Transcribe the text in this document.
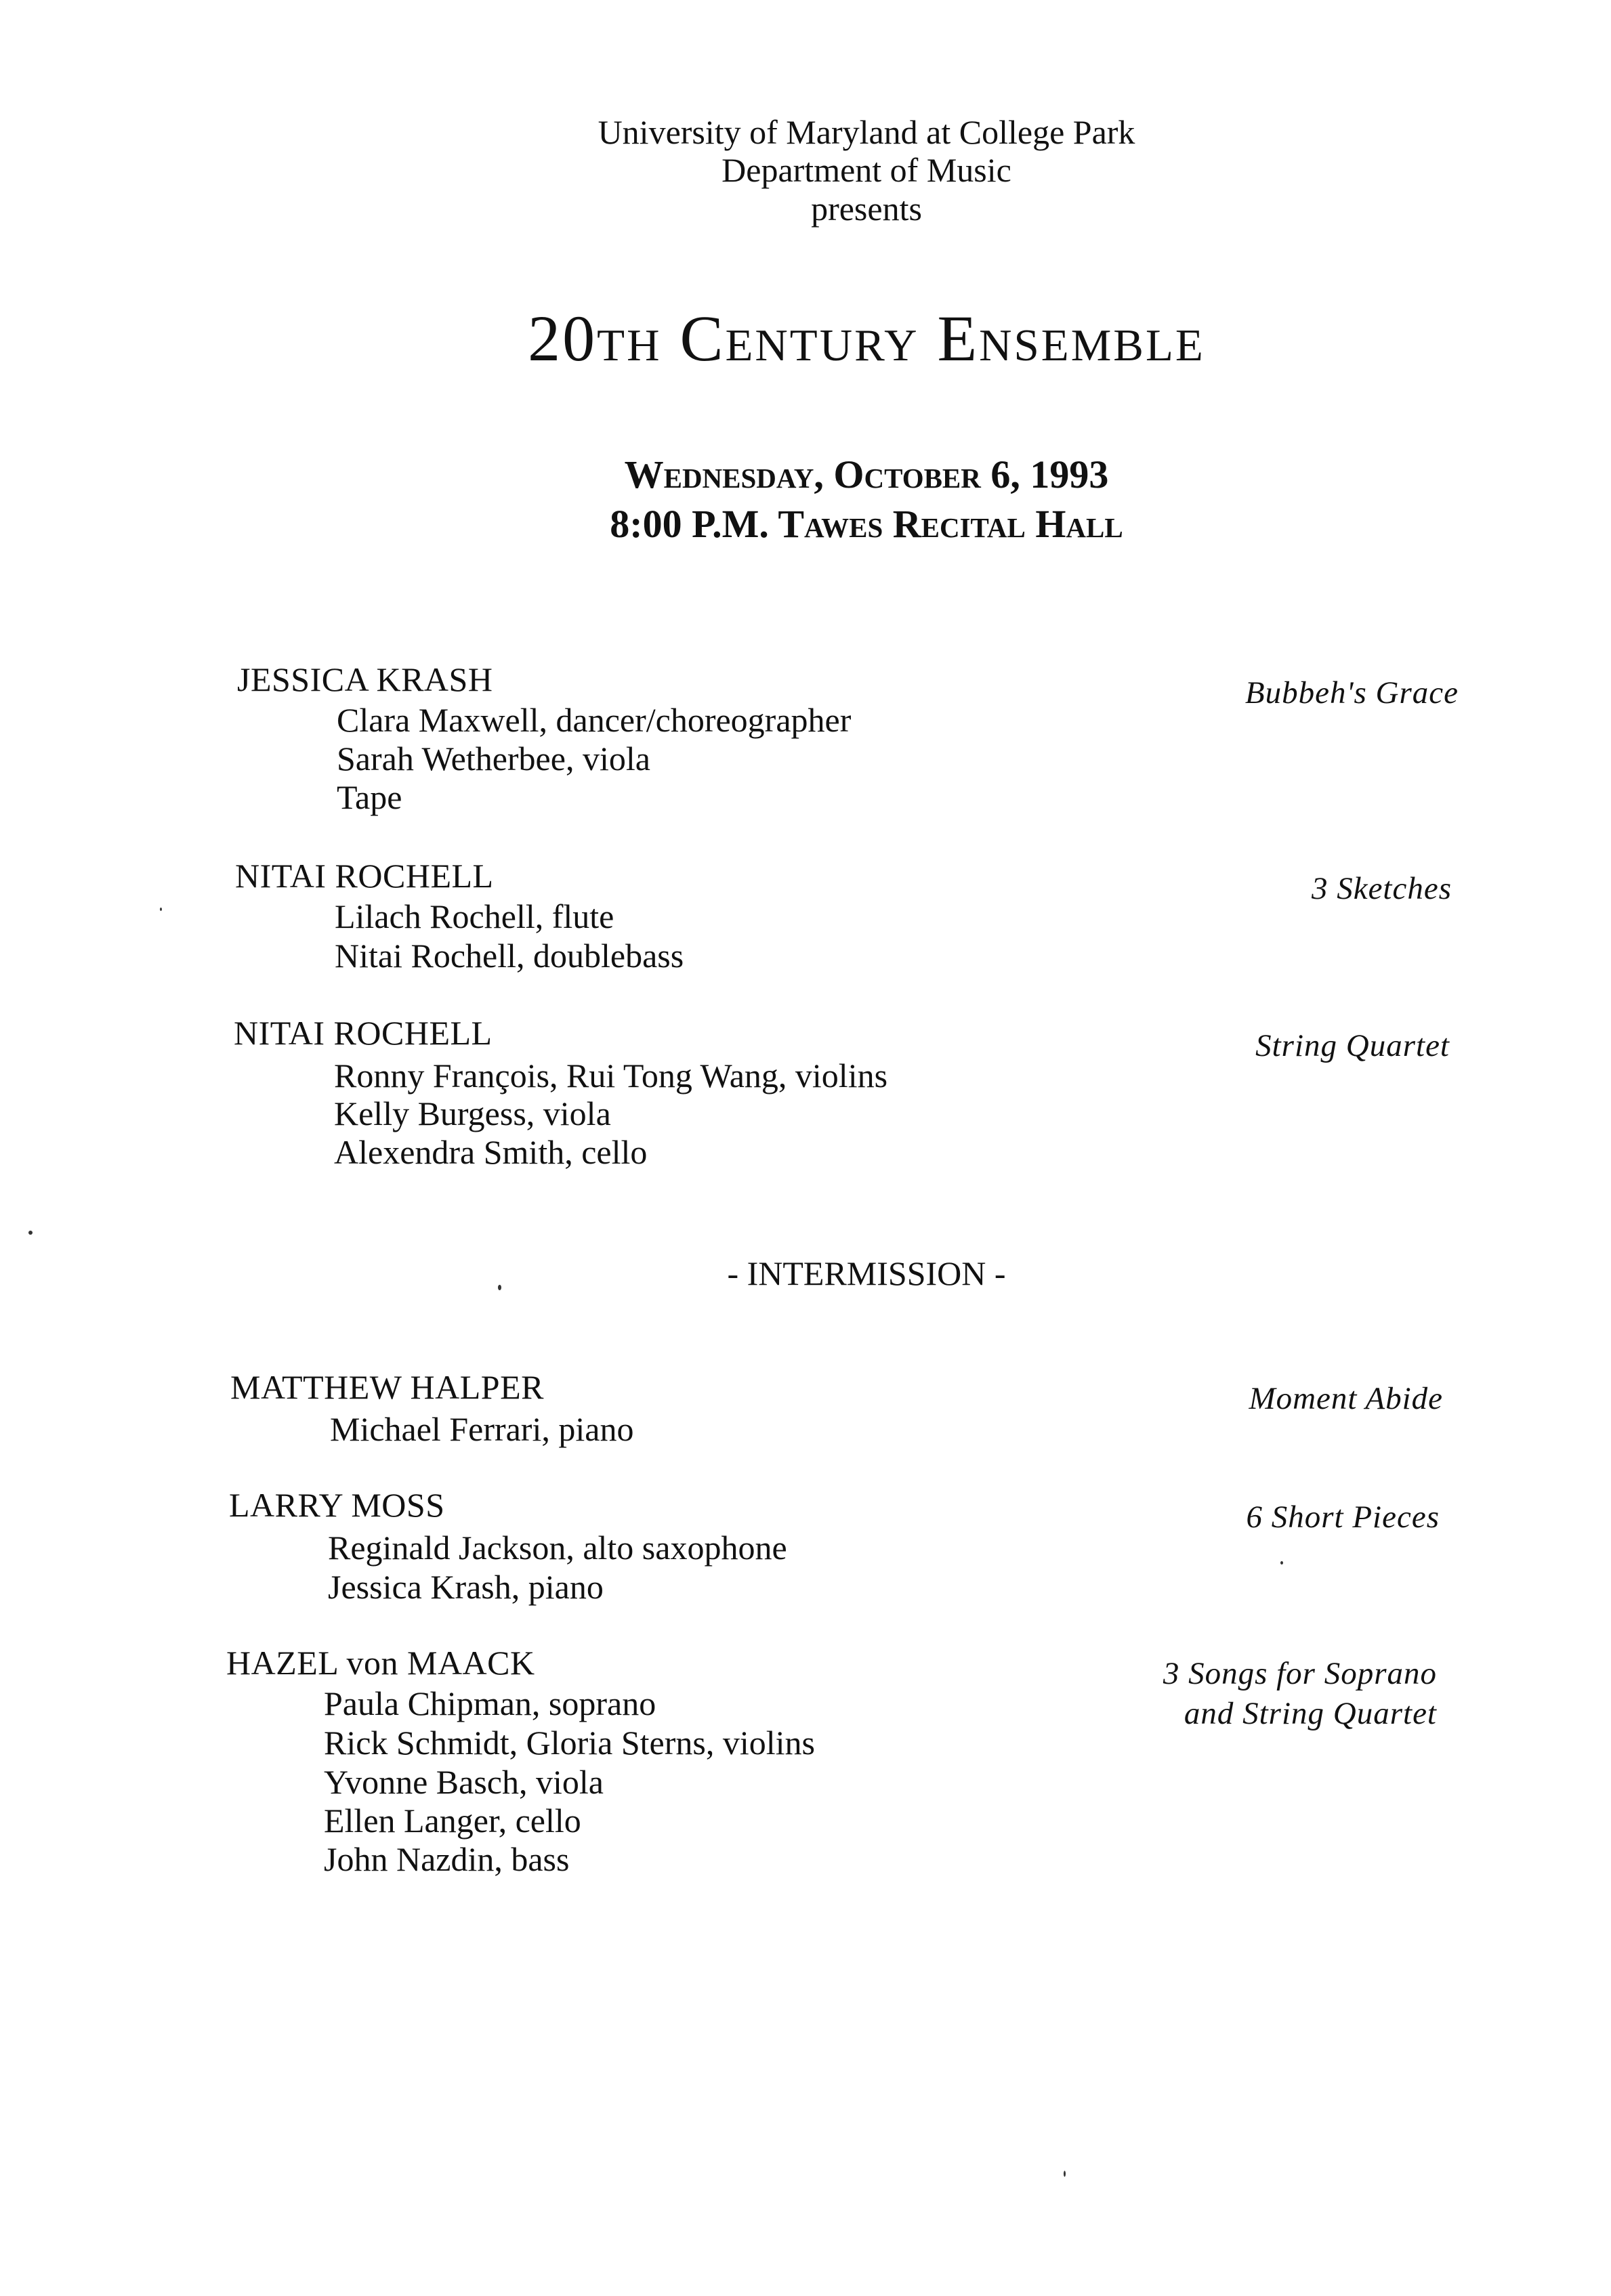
University of Maryland at College Park
Department of Music
presents
20th Century Ensemble
Wednesday, October 6, 1993
8:00 P.M. Tawes Recital Hall
JESSICA KRASH	Bubbeh's Grace
Clara Maxwell, dancer/choreographer
Sarah Wetherbee, viola
Tape
NITAI ROCHELL	3 Sketches
Lilach Rochell, flute
Nitai Rochell, doublebass
NITAI ROCHELL	String Quartet
Ronny François, Rui Tong Wang, violins
Kelly Burgess, viola
Alexendra Smith, cello
- INTERMISSION -
MATTHEW HALPER	Moment Abide
Michael Ferrari, piano
LARRY MOSS	6 Short Pieces
Reginald Jackson, alto saxophone
Jessica Krash, piano
HAZEL von MAACK	3 Songs for Soprano
and String Quartet
Paula Chipman, soprano
Rick Schmidt, Gloria Sterns, violins
Yvonne Basch, viola
Ellen Langer, cello
John Nazdin, bass
